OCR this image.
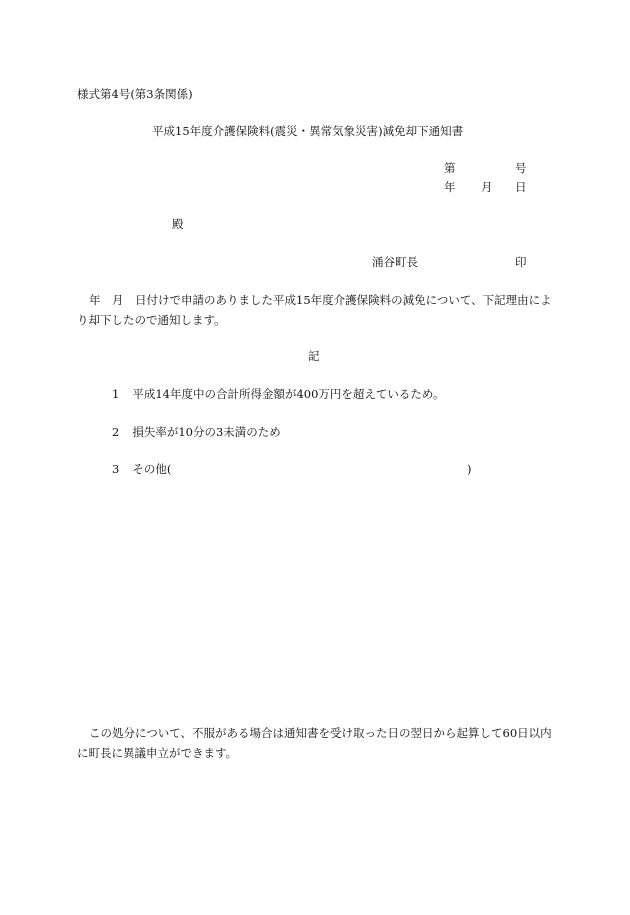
様式第4号(第3条関係)
平成15年度介護保険料(震災・異常気象災害)減免却下通知書
第	号
年 月 日
殿
涌谷町長	印
年　月　日付けで申請のありました平成15年度介護保険料の減免について、下記理由により却下したので通知します。
記
1 平成14年度中の合計所得金額が400万円を超えているため。
2 損失率が10分の3未満のため
3 その他(	)
この処分について、不服がある場合は通知書を受け取った日の翌日から起算して60日以内に町長に異議申立ができます。
